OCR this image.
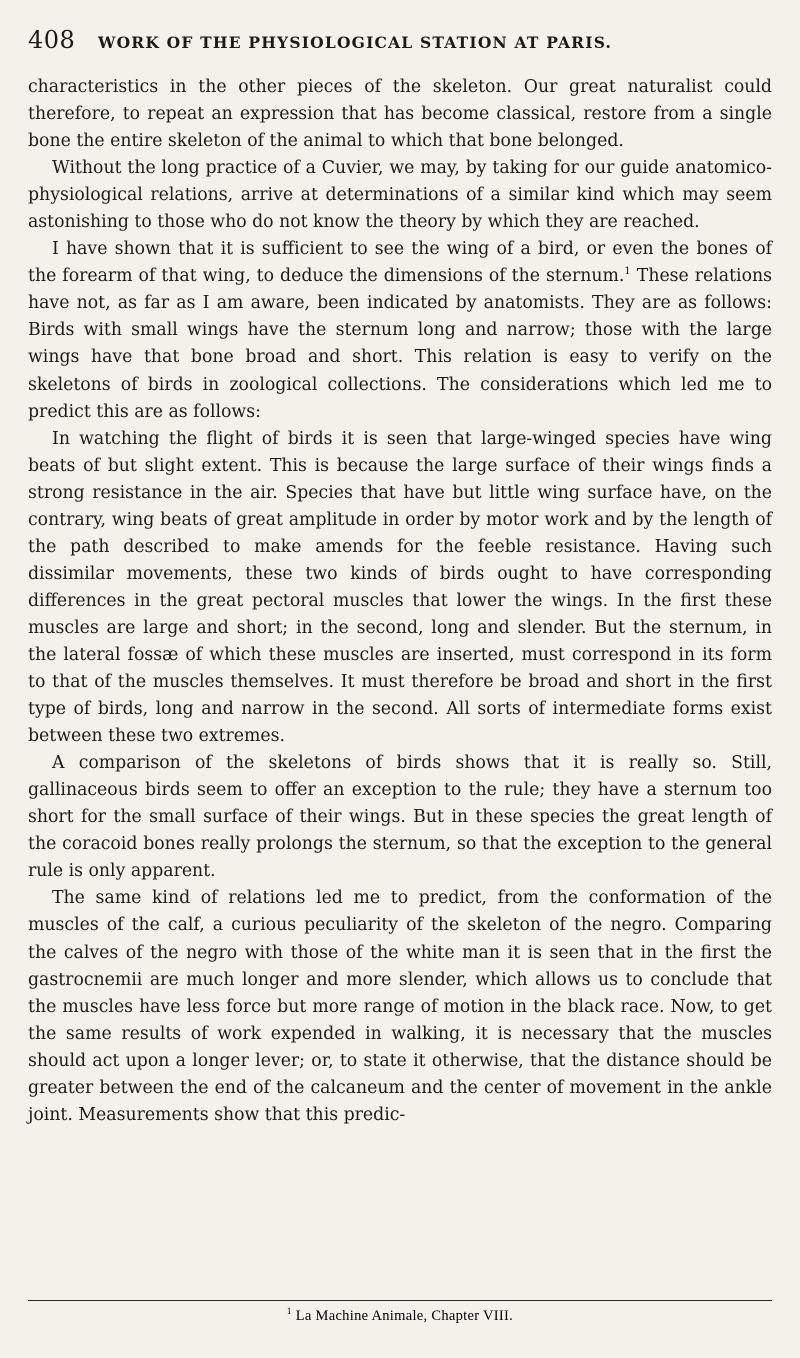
408	WORK OF THE PHYSIOLOGICAL STATION AT PARIS.

characteristics in the other pieces of the skeleton. Our great naturalist could therefore, to repeat an expression that has become classical, restore from a single bone the entire skeleton of the animal to which that bone belonged.

Without the long practice of a Cuvier, we may, by taking for our guide anatomico-physiological relations, arrive at determinations of a similar kind which may seem astonishing to those who do not know the theory by which they are reached.

I have shown that it is sufficient to see the wing of a bird, or even the bones of the forearm of that wing, to deduce the dimensions of the sternum.$^1$ These relations have not, as far as I am aware, been indicated by anatomists. They are as follows: Birds with small wings have the sternum long and narrow; those with the large wings have that bone broad and short. This relation is easy to verify on the skeletons of birds in zoological collections. The considerations which led me to predict this are as follows:

In watching the flight of birds it is seen that large-winged species have wing beats of but slight extent. This is because the large surface of their wings finds a strong resistance in the air. Species that have but little wing surface have, on the contrary, wing beats of great amplitude in order by motor work and by the length of the path described to make amends for the feeble resistance. Having such dissimilar movements, these two kinds of birds ought to have corresponding differences in the great pectoral muscles that lower the wings. In the first these muscles are large and short; in the second, long and slender. But the sternum, in the lateral fossæ of which these muscles are inserted, must correspond in its form to that of the muscles themselves. It must therefore be broad and short in the first type of birds, long and narrow in the second. All sorts of intermediate forms exist between these two extremes.

A comparison of the skeletons of birds shows that it is really so. Still, gallinaceous birds seem to offer an exception to the rule; they have a sternum too short for the small surface of their wings. But in these species the great length of the coracoid bones really prolongs the sternum, so that the exception to the general rule is only apparent.

The same kind of relations led me to predict, from the conformation of the muscles of the calf, a curious peculiarity of the skeleton of the negro. Comparing the calves of the negro with those of the white man it is seen that in the first the gastrocnemii are much longer and more slender, which allows us to conclude that the muscles have less force but more range of motion in the black race. Now, to get the same results of work expended in walking, it is necessary that the muscles should act upon a longer lever; or, to state it otherwise, that the distance should be greater between the end of the calcaneum and the center of movement in the ankle joint. Measurements show that this predic-

$^1$ La Machine Animale, Chapter VIII.
